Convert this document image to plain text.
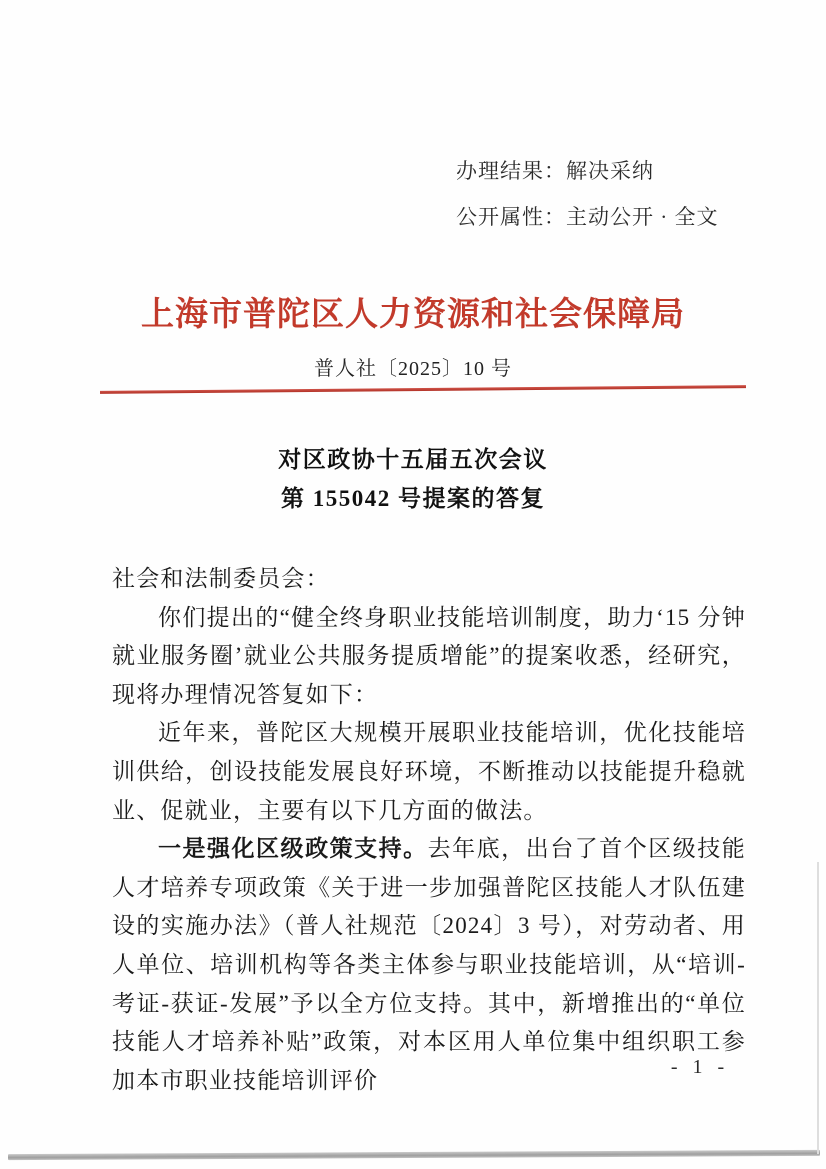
办理结果：解决采纳
公开属性：主动公开 · 全文
上海市普陀区人力资源和社会保障局
普人社〔2025〕10 号
对区政协十五届五次会议
第 155042 号提案的答复

社会和法制委员会：

你们提出的“健全终身职业技能培训制度，助力‘15 分钟就业服务圈’就业公共服务提质增能”的提案收悉，经研究，现将办理情况答复如下：

近年来，普陀区大规模开展职业技能培训，优化技能培训供给，创设技能发展良好环境，不断推动以技能提升稳就业、促就业，主要有以下几方面的做法。

一是强化区级政策支持。去年底，出台了首个区级技能人才培养专项政策《关于进一步加强普陀区技能人才队伍建设的实施办法》（普人社规范〔2024〕3 号），对劳动者、用人单位、培训机构等各类主体参与职业技能培训，从“培训-考证-获证-发展”予以全方位支持。其中，新增推出的“单位技能人才培养补贴”政策，对本区用人单位集中组织职工参加本市职业技能培训评价

- 1 -
